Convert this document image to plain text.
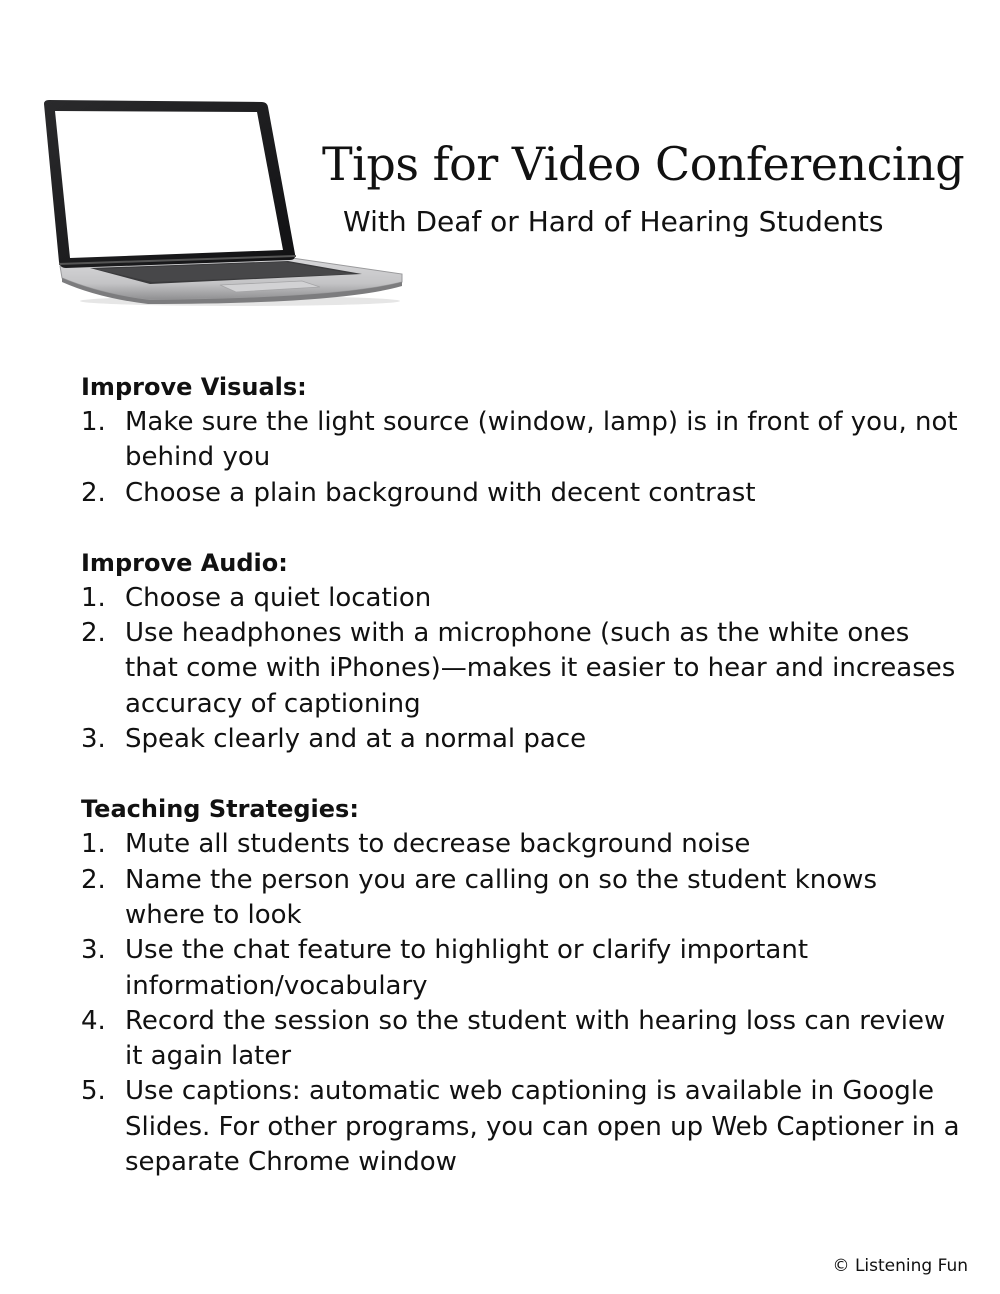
Tips for Video Conferencing
With Deaf or Hard of Hearing Students
Improve Visuals:
1. Make sure the light source (window, lamp) is in front of you, not behind you
2. Choose a plain background with decent contrast
Improve Audio:
1. Choose a quiet location
2. Use headphones with a microphone (such as the white ones that come with iPhones)—makes it easier to hear and increases accuracy of captioning
3. Speak clearly and at a normal pace
Teaching Strategies:
1. Mute all students to decrease background noise
2. Name the person you are calling on so the student knows where to look
3. Use the chat feature to highlight or clarify important information/vocabulary
4. Record the session so the student with hearing loss can review it again later
5. Use captions: automatic web captioning is available in Google Slides. For other programs, you can open up Web Captioner in a separate Chrome window
© Listening Fun
